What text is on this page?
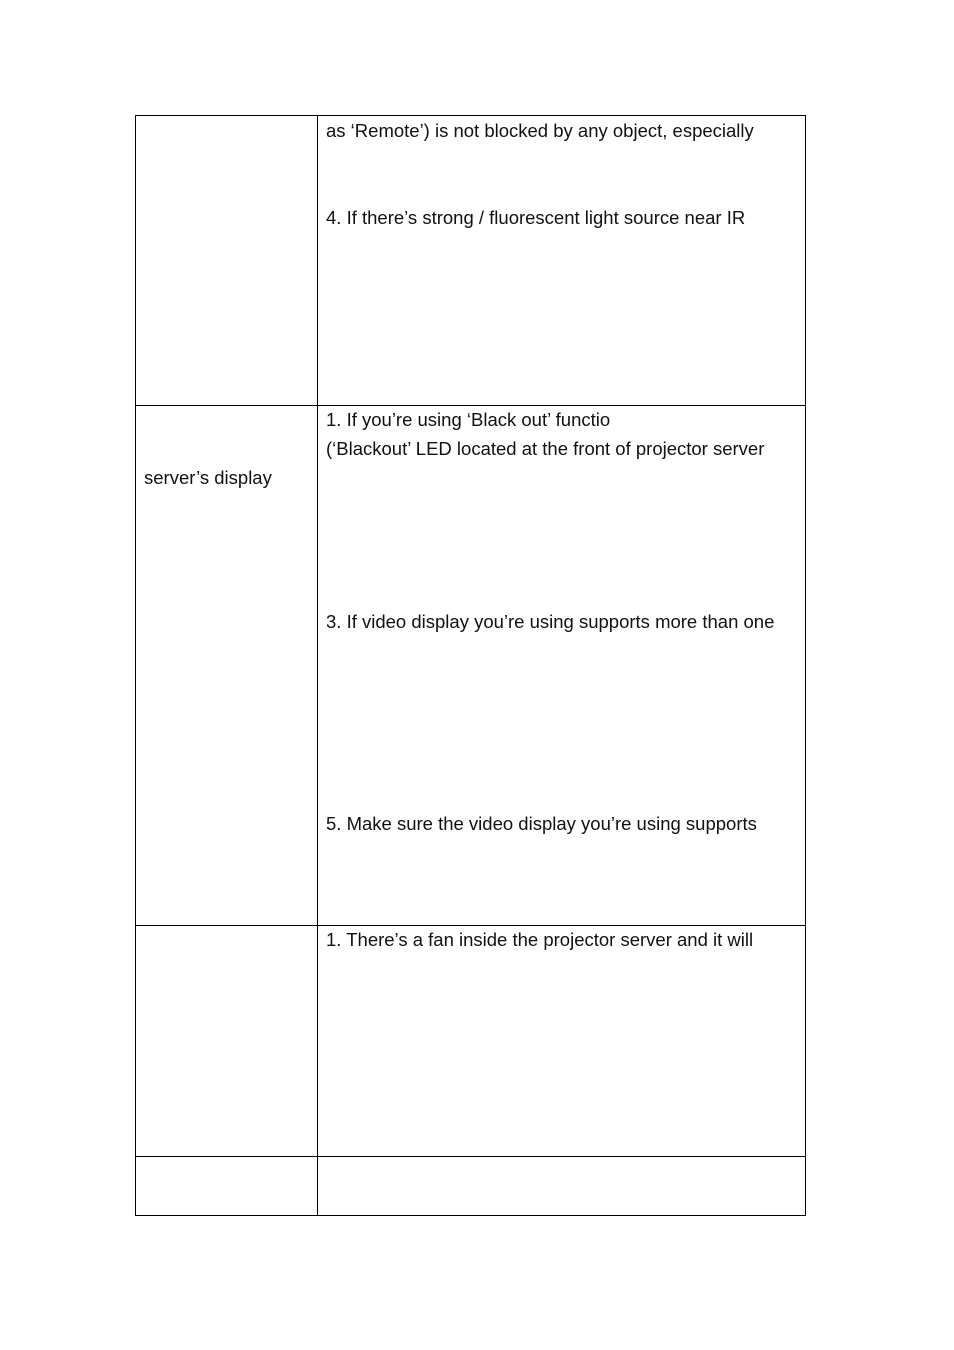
as ‘Remote’) is not blocked by any object, especially
4. If there’s strong / fluorescent light source near IR
server’s display
1. If you’re using ‘Black out’ functio
(‘Blackout’ LED located at the front of projector server
3. If video display you’re using supports more than one
5. Make sure the video display you’re using supports
1. There’s a fan inside the projector server and it will
